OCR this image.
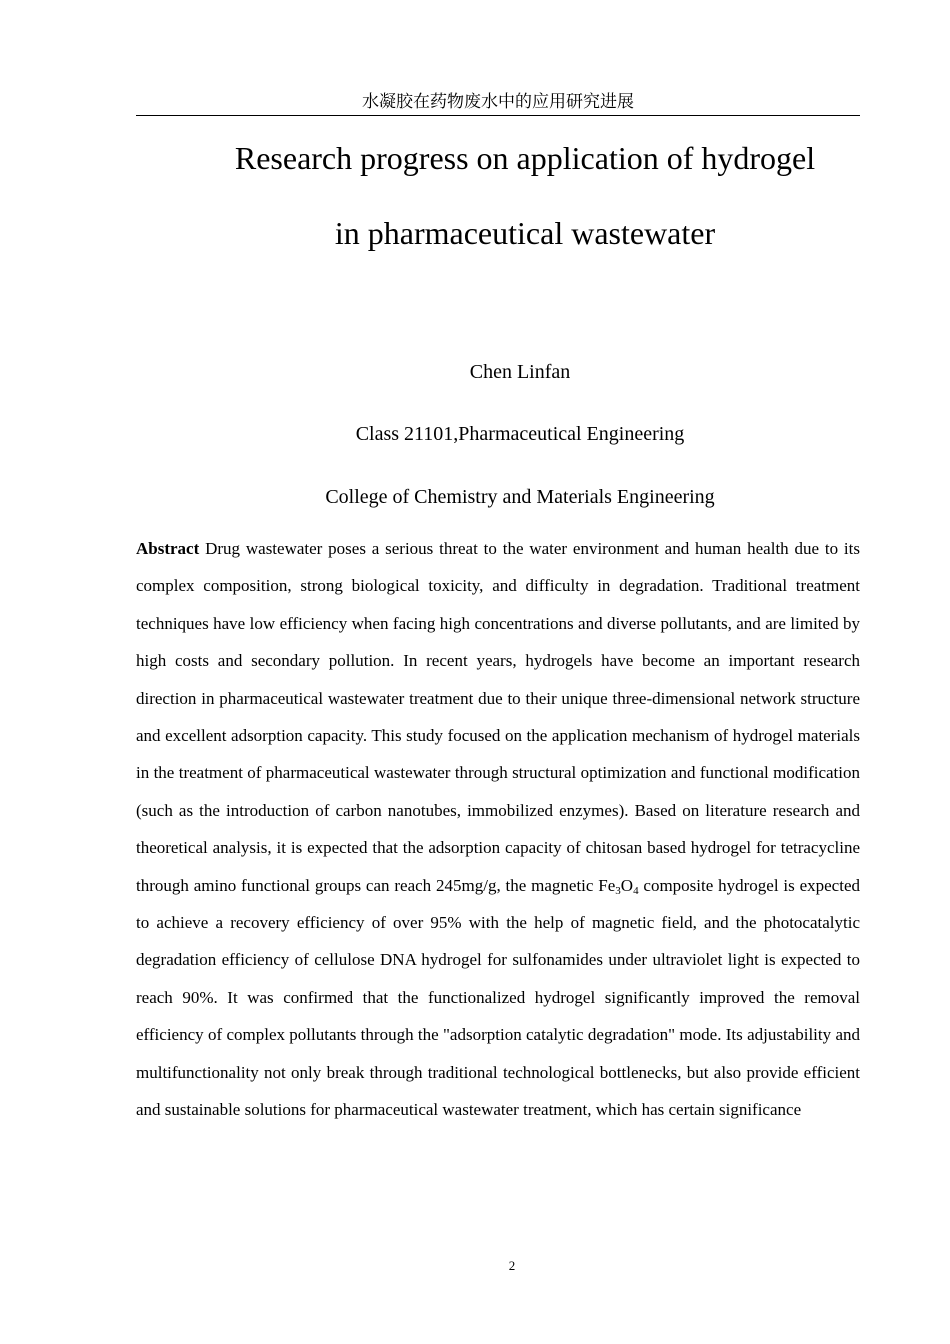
水凝胶在药物废水中的应用研究进展
Research progress on application of hydrogel
in pharmaceutical wastewater
Chen Linfan
Class 21101,Pharmaceutical Engineering
College of Chemistry and Materials Engineering
Abstract Drug wastewater poses a serious threat to the water environment and human health due to its complex composition, strong biological toxicity, and difficulty in degradation. Traditional treatment techniques have low efficiency when facing high concentrations and diverse pollutants, and are limited by high costs and secondary pollution. In recent years, hydrogels have become an important research direction in pharmaceutical wastewater treatment due to their unique three-dimensional network structure and excellent adsorption capacity. This study focused on the application mechanism of hydrogel materials in the treatment of pharmaceutical wastewater through structural optimization and functional modification (such as the introduction of carbon nanotubes, immobilized enzymes). Based on literature research and theoretical analysis, it is expected that the adsorption capacity of chitosan based hydrogel for tetracycline through amino functional groups can reach 245mg/g, the magnetic $Fe_3O_4$ composite hydrogel is expected to achieve a recovery efficiency of over 95% with the help of magnetic field, and the photocatalytic degradation efficiency of cellulose DNA hydrogel for sulfonamides under ultraviolet light is expected to reach 90%. It was confirmed that the functionalized hydrogel significantly improved the removal efficiency of complex pollutants through the "adsorption catalytic degradation" mode. Its adjustability and multifunctionality not only break through traditional technological bottlenecks, but also provide efficient and sustainable solutions for pharmaceutical wastewater treatment, which has certain significance
2
